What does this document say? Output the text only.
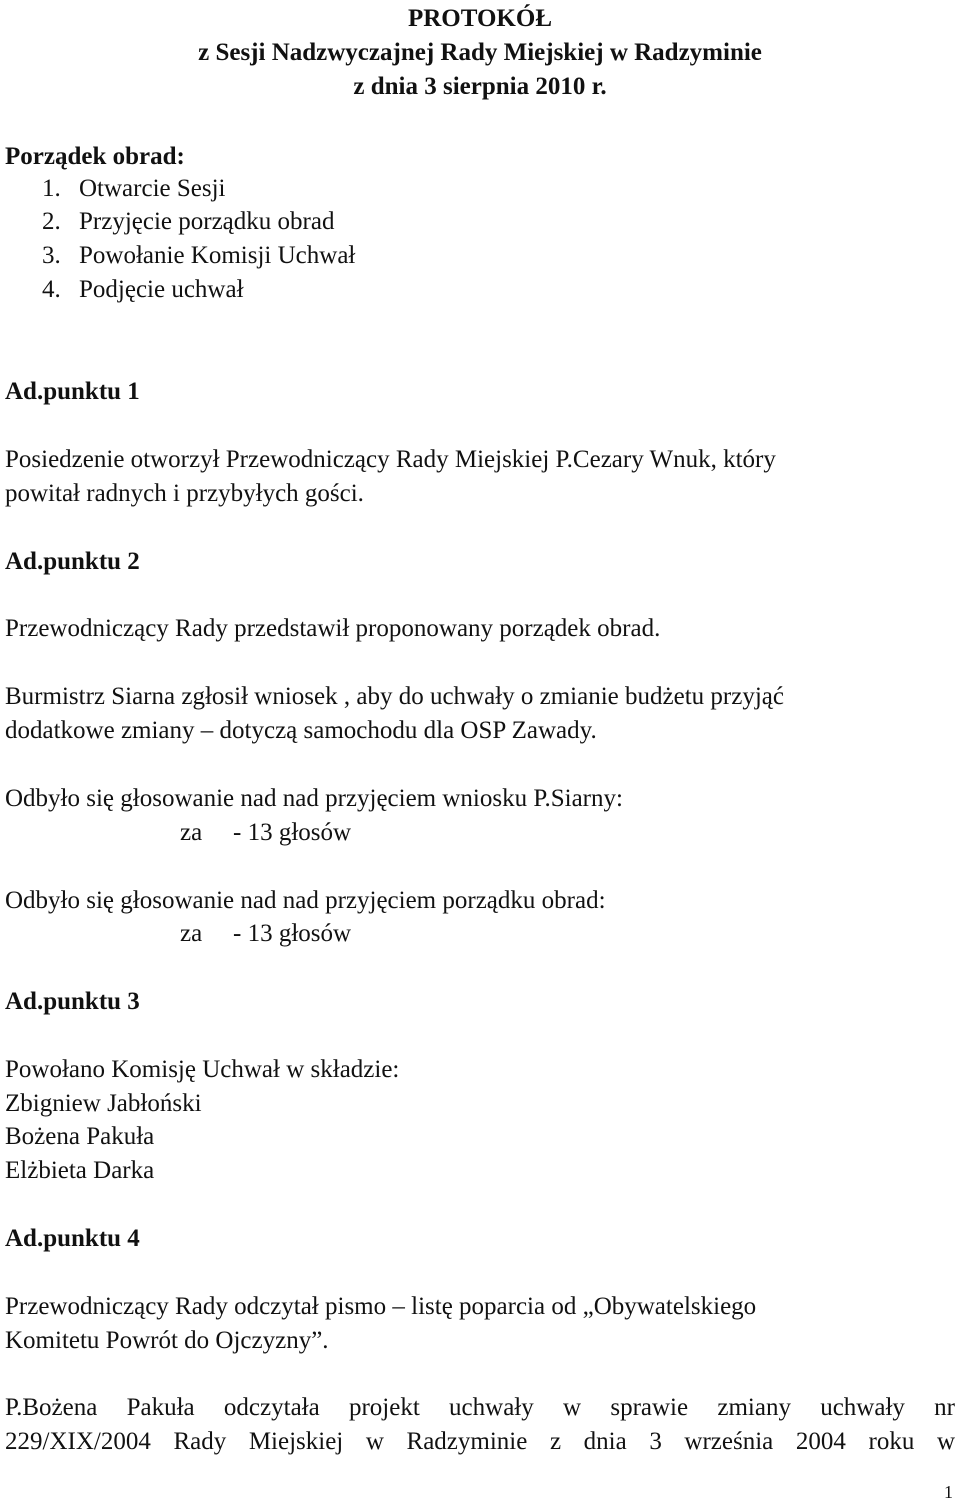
PROTOKÓŁ
z Sesji Nadzwyczajnej Rady Miejskiej w Radzyminie
z dnia 3 sierpnia 2010 r.
Porządek obrad:
1. Otwarcie Sesji
2. Przyjęcie porządku obrad
3. Powołanie Komisji Uchwał
4. Podjęcie uchwał
Ad.punktu 1
Posiedzenie otworzył Przewodniczący Rady Miejskiej P.Cezary Wnuk, który
powitał radnych i przybyłych gości.
Ad.punktu 2
Przewodniczący Rady przedstawił proponowany porządek obrad.
Burmistrz Siarna zgłosił wniosek , aby do uchwały o zmianie budżetu przyjąć
dodatkowe zmiany – dotyczą samochodu dla OSP Zawady.
Odbyło się głosowanie nad nad przyjęciem wniosku P.Siarny:
za - 13 głosów
Odbyło się głosowanie nad nad przyjęciem porządku obrad:
za - 13 głosów
Ad.punktu 3
Powołano Komisję Uchwał w składzie:
Zbigniew Jabłoński
Bożena Pakuła
Elżbieta Darka
Ad.punktu 4
Przewodniczący Rady odczytał pismo – listę poparcia od „Obywatelskiego
Komitetu Powrót do Ojczyzny”.
P.Bożena Pakuła odczytała projekt uchwały w sprawie zmiany uchwały nr
229/XIX/2004 Rady Miejskiej w Radzyminie z dnia 3 września 2004 roku w
1
